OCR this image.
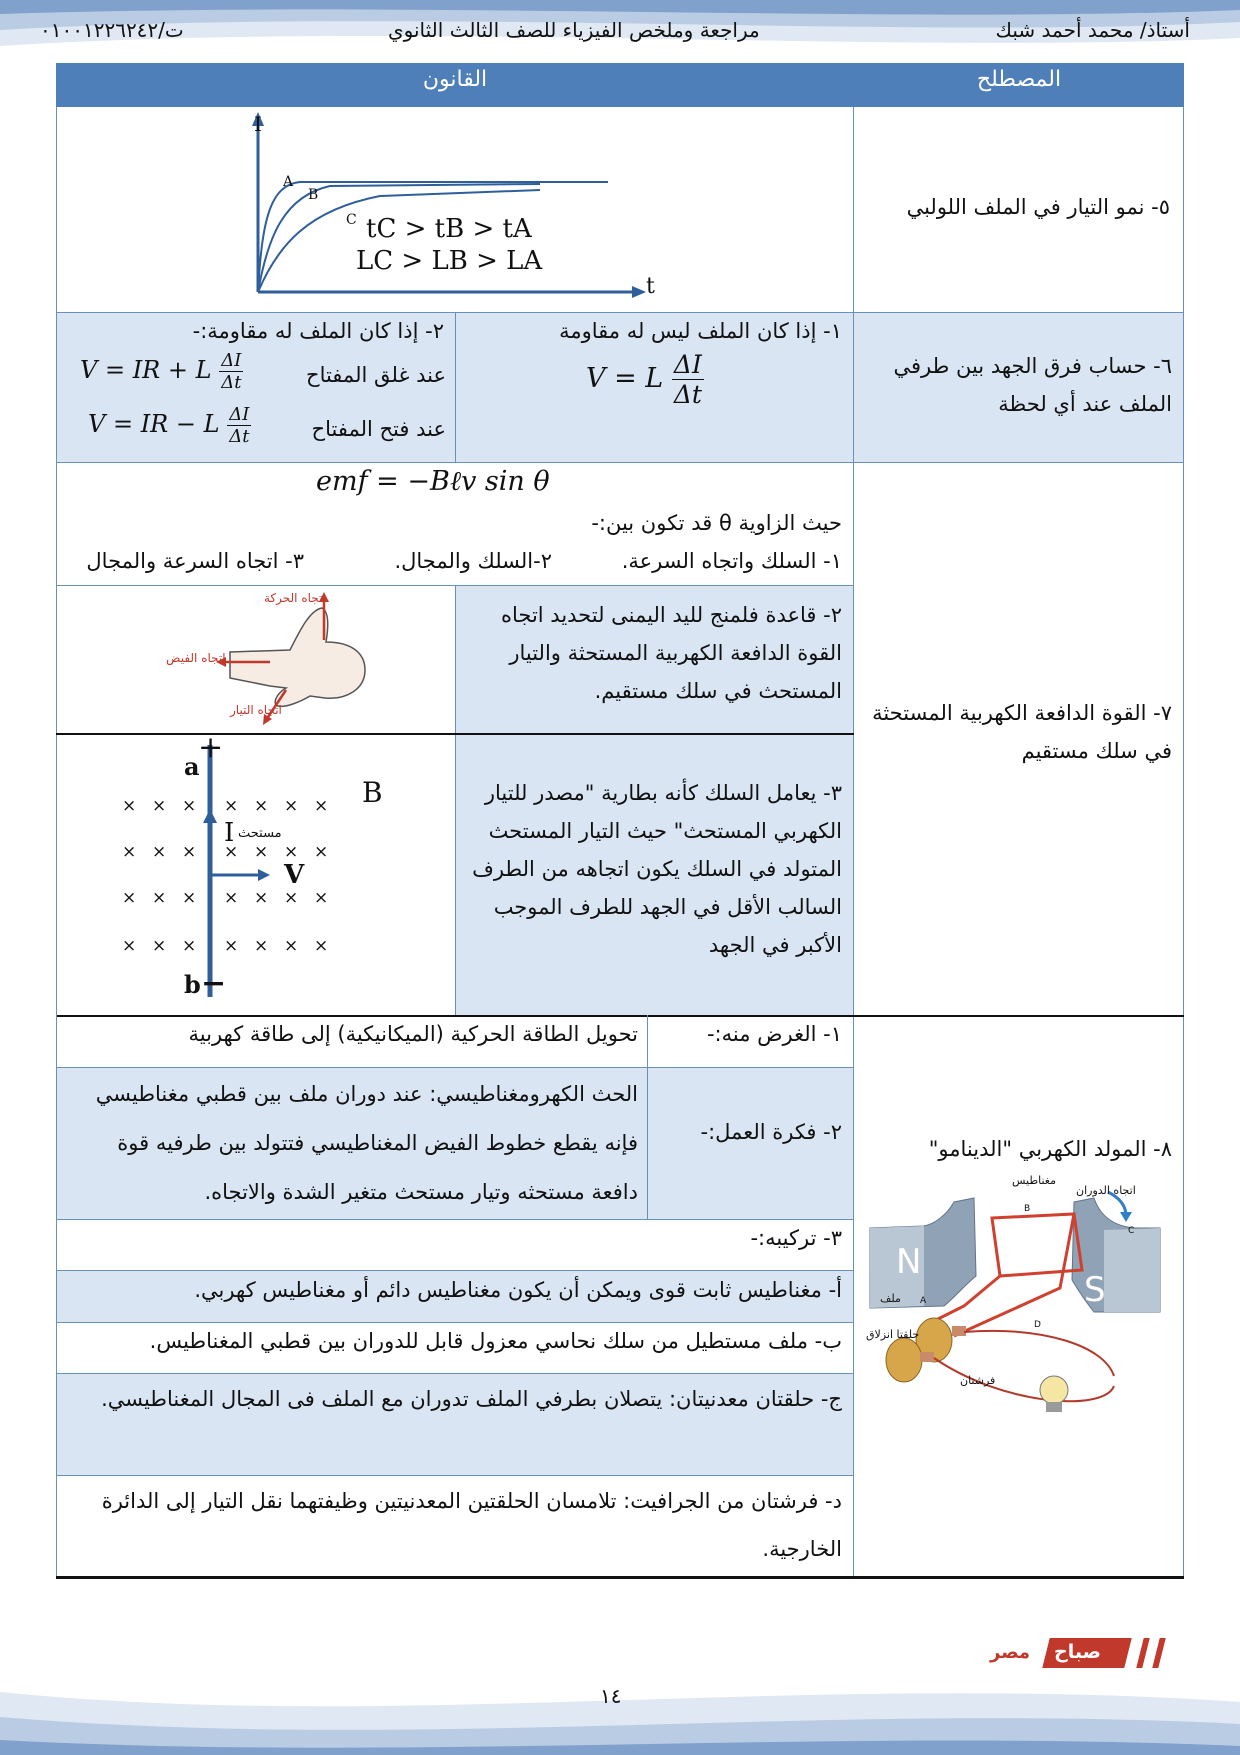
أستاذ/ محمد أحمد شبك
مراجعة وملخص الفيزياء للصف الثالث الثانوي
ت/٠١٠٠١٢٢٦٢٤٢
المصطلح
القانون
٥- نمو التيار في الملف اللولبي
I
t
A
B
C tC > tB > tA
LC > LB > LA
٦- حساب فرق الجهد بين طرفي الملف عند أي لحظة
١- إذا كان الملف ليس له مقاومة
V = L $\frac{\Delta I}{\Delta t}$
٢- إذا كان الملف له مقاومة:-
عند غلق المفتاح
V = IR + L $\frac{\Delta I}{\Delta t}$
عند فتح المفتاح
V = IR − L $\frac{\Delta I}{\Delta t}$
٧- القوة الدافعة الكهربية المستحثة في سلك مستقيم
emf = −Bℓv sin θ
حيث الزاوية θ قد تكون بين:-
١- السلك واتجاه السرعة.
٢-السلك والمجال.
٣- اتجاه السرعة والمجال
٢- قاعدة فلمنج لليد اليمنى لتحديد اتجاه القوة الدافعة الكهربية المستحثة والتيار المستحث في سلك مستقيم.
اتجاه الحركة
اتجاه الفيض
اتجاه التيار
٣- يعامل السلك كأنه بطارية "مصدر للتيار الكهربي المستحث" حيث التيار المستحث المتولد في السلك يكون اتجاهه من الطرف السالب الأقل في الجهد للطرف الموجب الأكبر في الجهد
× × × × × × ×
× × × × × × ×
× × × × × × ×
× × × × × × ×
+
a
b −
B
I مستحث
V
٨- المولد الكهربي "الدينامو"
١- الغرض منه:-
تحويل الطاقة الحركية (الميكانيكية) إلى طاقة كهربية
٢- فكرة العمل:-
الحث الكهرومغناطيسي: عند دوران ملف بين قطبي مغناطيسي فإنه يقطع خطوط الفيض المغناطيسي فتتولد بين طرفيه قوة دافعة مستحثه وتيار مستحث متغير الشدة والاتجاه.
٣- تركيبه:-
أ- مغناطيس ثابت قوى ويمكن أن يكون مغناطيس دائم أو مغناطيس كهربي.
ب- ملف مستطيل من سلك نحاسي معزول قابل للدوران بين قطبي المغناطيس.
ج- حلقتان معدنيتان: يتصلان بطرفي الملف تدوران مع الملف فى المجال المغناطيسي.
د- فرشتان من الجرافيت: تلامسان الحلقتين المعدنيتين وظيفتهما نقل التيار إلى الدائرة الخارجية.
N
S
مغناطيس
اتجاه الدوران
ملف
حلقتا انزلاق
فرشتان
A
B
C
D
مصر صباح
١٤
